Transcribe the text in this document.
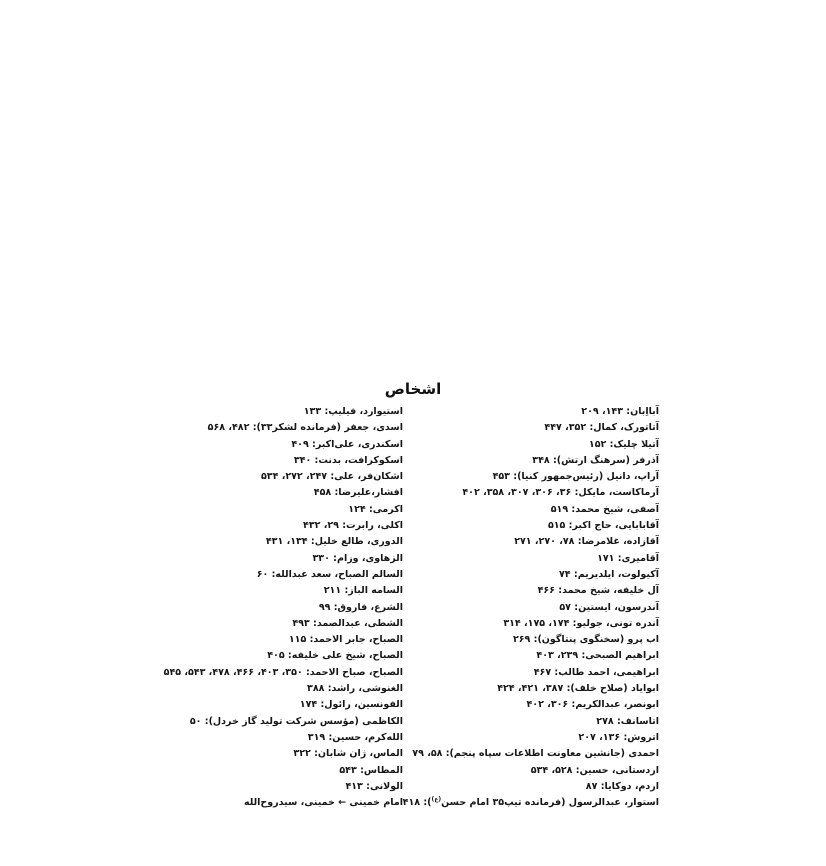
اشخاص
آبااِبان: ۱۴۳، ۲۰۹
آتاتورک، کمال: ۳۵۲، ۴۴۷
آتیلا چلیک: ۱۵۲
آذرفر (سرهنگ ارتش): ۳۴۸
آراپ، دانیل (رئیس‌جمهور کنیا): ۴۵۳
آرماکاست، مایکل: ۳۶، ۳۰۶، ۳۰۷، ۳۵۸، ۴۰۲
آصفی، شیخ محمد: ۵۱۹
آقابابایی، حاج اکبر: ۵۱۵
آقازاده، غلامرضا: ۷۸، ۲۷۰، ۲۷۱
آقامیری: ۱۷۱
آکیولوت، ایلدیریم: ۷۴
آل خلیفه، شیخ محمد: ۴۶۶
آندرسون، ایستین: ۵۷
آندره تونی، جولیو: ۱۷۴، ۱۷۵، ۳۱۴
اب پرو (سخنگوی پنتاگون): ۲۶۹
ابراهیم الصبحی: ۲۳۹، ۴۰۳
ابراهیمی، احمد طالب: ۴۶۷
ابوایاد (صلاح خلف): ۳۸۷، ۴۲۱، ۴۲۴
ابونصر، عبدالکریم: ۳۰۶، ۴۰۲
اتاسانف: ۲۷۸
اتروش: ۱۳۶، ۲۰۷
احمدی (جانشین معاونت اطلاعات سپاه پنجم): ۵۸، ۷۹
اردستانی، حسین: ۵۲۸، ۵۳۴
اردم، دوکایا: ۸۷
استوار، عبدالرسول (فرمانده تیپ۳۵ امام حسن$^{(ع)}$): ۴۱۸
استیوارد، فیلیپ: ۱۳۳
اسدی، جعفر (فرمانده لشکر۳۳): ۴۸۲، ۵۶۸
اسکندری، علی‌اکبر: ۴۰۹
اسکوکرافت، بدنت: ۳۴۰
اشکان‌فر، علی: ۲۴۷، ۲۷۲، ۵۳۴
افشار،علیرضا: ۴۵۸
اکرمی: ۱۲۴
اکلی، رابرت: ۲۹، ۴۳۲
الدوری، طالع خلیل: ۱۳۴، ۴۳۱
الزهاوی، وزام: ۳۳۰
السالم الصباح، سعد عبدالله: ۶۰
السامه الباز: ۲۱۱
الشرع، فاروق: ۹۹
الشطی، عبدالصمد: ۴۹۳
الصباح، جابر الاحمد: ۱۱۵
الصباح، شیخ علی خلیفه: ۴۰۵
الصباح، صباح الاحمد: ۳۵۰، ۴۰۳، ۴۶۶، ۴۷۸، ۵۴۳، ۵۴۵
الغنوشی، راشد: ۳۸۸
الفونسین، رائول: ۱۷۴
الکاظمی (مؤسس شرکت تولید گاز خردل): ۵۰
الله‌کرم، حسین: ۳۱۹
الماس، ژان شابان: ۳۲۲
المطاس: ۵۴۳
الولانی: ۴۱۳
امام خمینی ← خمینی، سیدروح‌الله
